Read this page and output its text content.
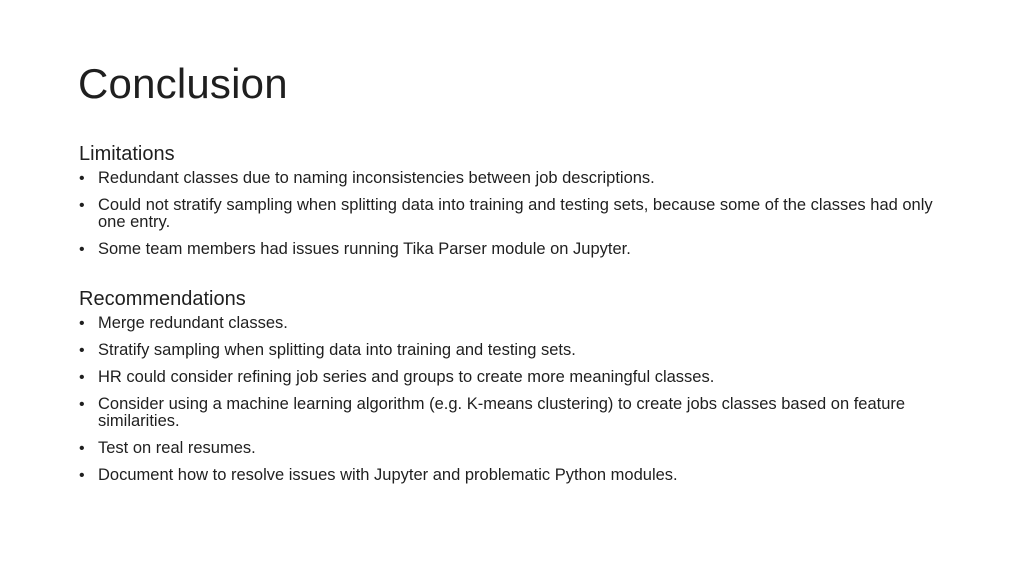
Conclusion
Limitations
• Redundant classes due to naming inconsistencies between job descriptions.
• Could not stratify sampling when splitting data into training and testing sets, because some of the classes had only one entry.
• Some team members had issues running Tika Parser module on Jupyter.
Recommendations
• Merge redundant classes.
• Stratify sampling when splitting data into training and testing sets.
• HR could consider refining job series and groups to create more meaningful classes.
• Consider using a machine learning algorithm (e.g. K-means clustering) to create jobs classes based on feature similarities.
• Test on real resumes.
• Document how to resolve issues with Jupyter and problematic Python modules.
